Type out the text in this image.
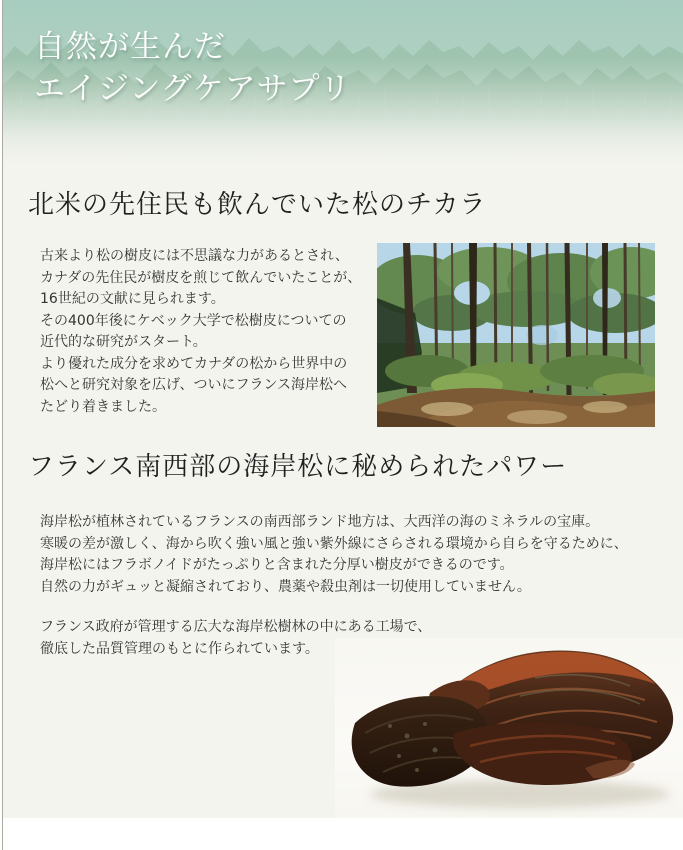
自然が生んだ
エイジングケアサプリ
北米の先住民も飲んでいた松のチカラ
古来より松の樹皮には不思議な力があるとされ、
カナダの先住民が樹皮を煎じて飲んでいたことが、
16世紀の文献に見られます。
その400年後にケベック大学で松樹皮についての
近代的な研究がスタート。
より優れた成分を求めてカナダの松から世界中の
松へと研究対象を広げ、ついにフランス海岸松へ
たどり着きました。
フランス南西部の海岸松に秘められたパワー
海岸松が植林されているフランスの南西部ランド地方は、大西洋の海のミネラルの宝庫。
寒暖の差が激しく、海から吹く強い風と強い紫外線にさらされる環境から自らを守るために、
海岸松にはフラボノイドがたっぷりと含まれた分厚い樹皮ができるのです。
自然の力がギュッと凝縮されており、農薬や殺虫剤は一切使用していません。
フランス政府が管理する広大な海岸松樹林の中にある工場で、
徹底した品質管理のもとに作られています。
